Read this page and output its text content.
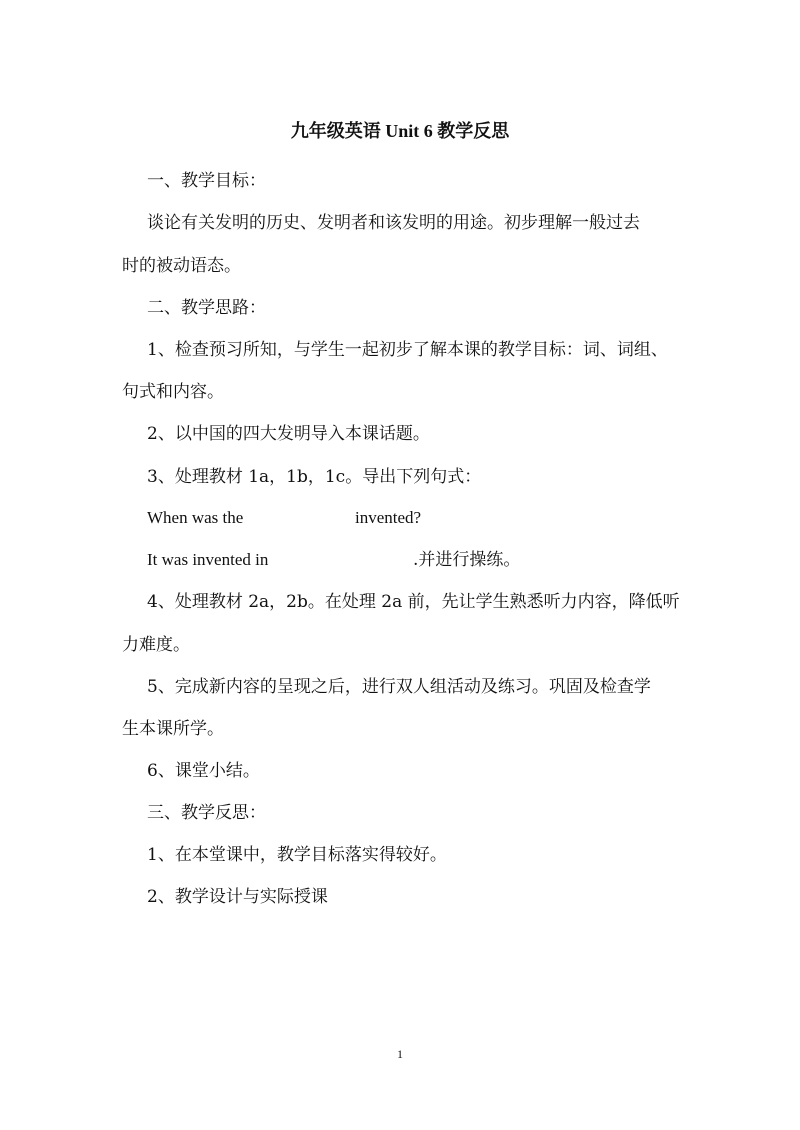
九年级英语 Unit 6 教学反思
一、教学目标：
谈论有关发明的历史、发明者和该发明的用途。初步理解一般过去
时的被动语态。
二、教学思路：
1、检查预习所知，与学生一起初步了解本课的教学目标：词、词组、
句式和内容。
2、以中国的四大发明导入本课话题。
3、处理教材 1a，1b，1c。导出下列句式：
When was the	invented?
It was invented in	.并进行操练。
4、处理教材 2a，2b。在处理 2a 前，先让学生熟悉听力内容，降低听
力难度。
5、完成新内容的呈现之后，进行双人组活动及练习。巩固及检查学
生本课所学。
6、课堂小结。
三、教学反思：
1、在本堂课中，教学目标落实得较好。
2、教学设计与实际授课
1
